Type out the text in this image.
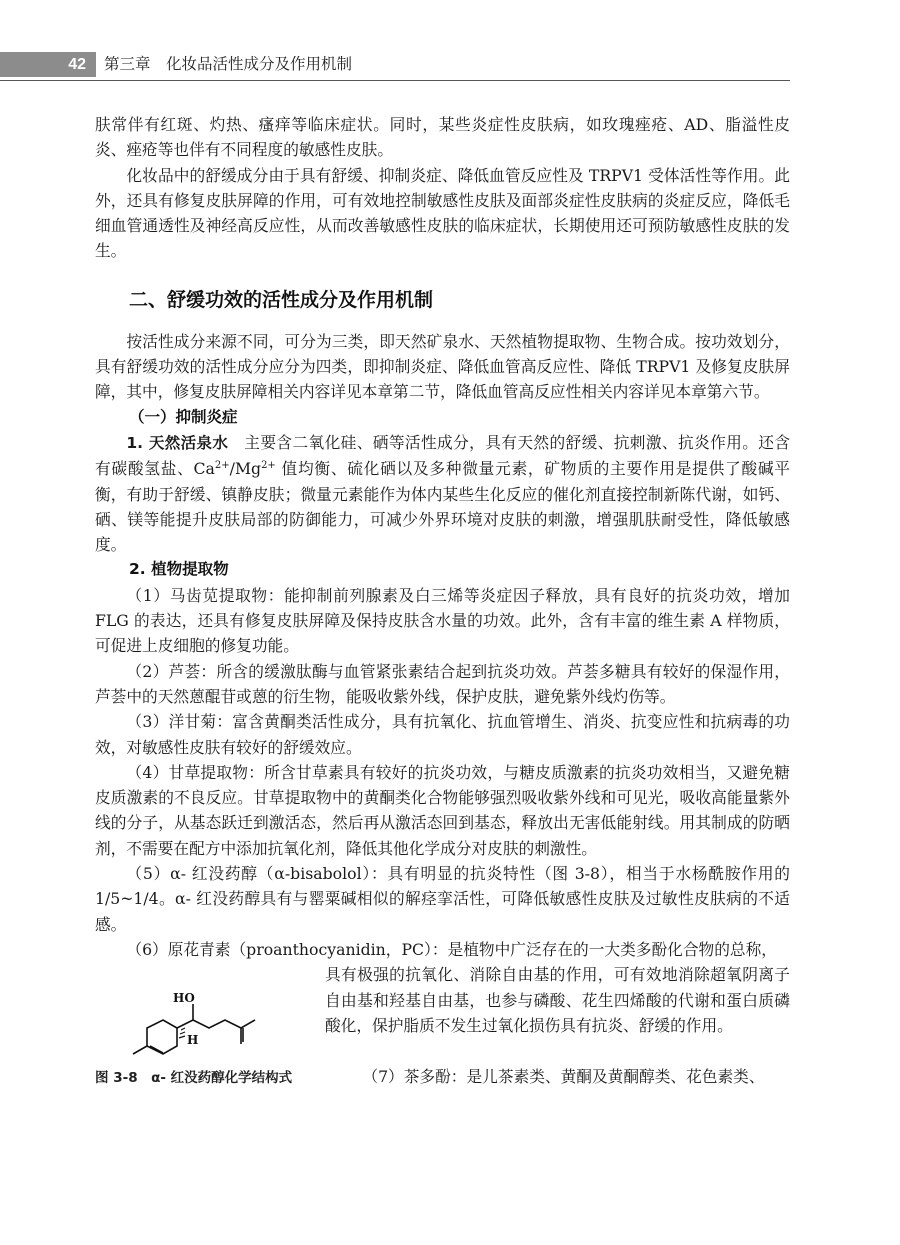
42	第三章　化妆品活性成分及作用机制

肤常伴有红斑、灼热、瘙痒等临床症状。同时，某些炎症性皮肤病，如玫瑰痤疮、AD、脂溢性皮炎、痤疮等也伴有不同程度的敏感性皮肤。

化妆品中的舒缓成分由于具有舒缓、抑制炎症、降低血管反应性及 TRPV1 受体活性等作用。此外，还具有修复皮肤屏障的作用，可有效地控制敏感性皮肤及面部炎症性皮肤病的炎症反应，降低毛细血管通透性及神经高反应性，从而改善敏感性皮肤的临床症状，长期使用还可预防敏感性皮肤的发生。

二、舒缓功效的活性成分及作用机制

按活性成分来源不同，可分为三类，即天然矿泉水、天然植物提取物、生物合成。按功效划分，具有舒缓功效的活性成分应分为四类，即抑制炎症、降低血管高反应性、降低 TRPV1 及修复皮肤屏障，其中，修复皮肤屏障相关内容详见本章第二节，降低血管高反应性相关内容详见本章第六节。

（一）抑制炎症

1. 天然活泉水　主要含二氧化硅、硒等活性成分，具有天然的舒缓、抗刺激、抗炎作用。还含有碳酸氢盐、$Ca^{2+}/Mg^{2+}$ 值均衡、硫化硒以及多种微量元素，矿物质的主要作用是提供了酸碱平衡，有助于舒缓、镇静皮肤；微量元素能作为体内某些生化反应的催化剂直接控制新陈代谢，如钙、硒、镁等能提升皮肤局部的防御能力，可减少外界环境对皮肤的刺激，增强肌肤耐受性，降低敏感度。

2. 植物提取物

（1）马齿苋提取物：能抑制前列腺素及白三烯等炎症因子释放，具有良好的抗炎功效，增加 FLG 的表达，还具有修复皮肤屏障及保持皮肤含水量的功效。此外，含有丰富的维生素 A 样物质，可促进上皮细胞的修复功能。

（2）芦荟：所含的缓激肽酶与血管紧张素结合起到抗炎功效。芦荟多糖具有较好的保湿作用，芦荟中的天然蒽醌苷或蒽的衍生物，能吸收紫外线，保护皮肤，避免紫外线灼伤等。

（3）洋甘菊：富含黄酮类活性成分，具有抗氧化、抗血管增生、消炎、抗变应性和抗病毒的功效，对敏感性皮肤有较好的舒缓效应。

（4）甘草提取物：所含甘草素具有较好的抗炎功效，与糖皮质激素的抗炎功效相当，又避免糖皮质激素的不良反应。甘草提取物中的黄酮类化合物能够强烈吸收紫外线和可见光，吸收高能量紫外线的分子，从基态跃迁到激活态，然后再从激活态回到基态，释放出无害低能射线。用其制成的防晒剂，不需要在配方中添加抗氧化剂，降低其他化学成分对皮肤的刺激性。

（5）α- 红没药醇（α-bisabolol）：具有明显的抗炎特性（图 3-8），相当于水杨酰胺作用的 1/5~1/4。α- 红没药醇具有与罂粟碱相似的解痉挛活性，可降低敏感性皮肤及过敏性皮肤病的不适感。

（6）原花青素（proanthocyanidin，PC）：是植物中广泛存在的一大类多酚化合物的总称，

HO
H

具有极强的抗氧化、消除自由基的作用，可有效地消除超氧阴离子自由基和羟基自由基，也参与磷酸、花生四烯酸的代谢和蛋白质磷酸化，保护脂质不发生过氧化损伤具有抗炎、舒缓的作用。

图 3-8　α- 红没药醇化学结构式	（7）茶多酚：是儿茶素类、黄酮及黄酮醇类、花色素类、
